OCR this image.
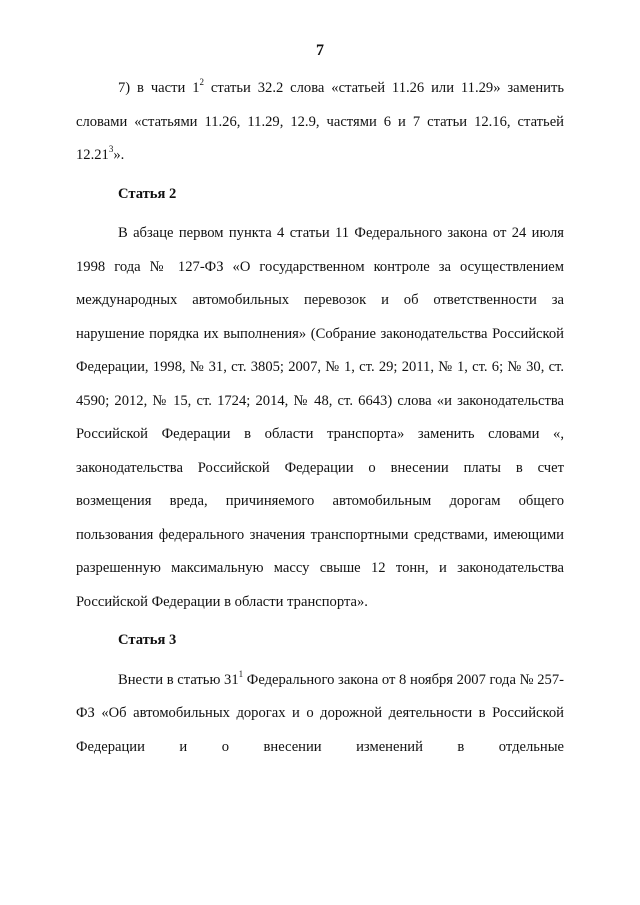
7

7) в части $1^2$ статьи 32.2 слова «статьей 11.26 или 11.29» заменить словами «статьями 11.26, 11.29, 12.9, частями 6 и 7 статьи 12.16, статьей 12.21$^3$».

Статья 2

В абзаце первом пункта 4 статьи 11 Федерального закона от 24 июля 1998 года № 127-ФЗ «О государственном контроле за осуществлением международных автомобильных перевозок и об ответственности за нарушение порядка их выполнения» (Собрание законодательства Российской Федерации, 1998, № 31, ст. 3805; 2007, № 1, ст. 29; 2011, № 1, ст. 6; № 30, ст. 4590; 2012, № 15, ст. 1724; 2014, № 48, ст. 6643) слова «и законодательства Российской Федерации в области транспорта» заменить словами «, законодательства Российской Федерации о внесении платы в счет возмещения вреда, причиняемого автомобильным дорогам общего пользования федерального значения транспортными средствами, имеющими разрешенную максимальную массу свыше 12 тонн, и законодательства Российской Федерации в области транспорта».

Статья 3

Внести в статью $31^1$ Федерального закона от 8 ноября 2007 года № 257-ФЗ «Об автомобильных дорогах и о дорожной деятельности в Российской Федерации и о внесении изменений в отдельные
